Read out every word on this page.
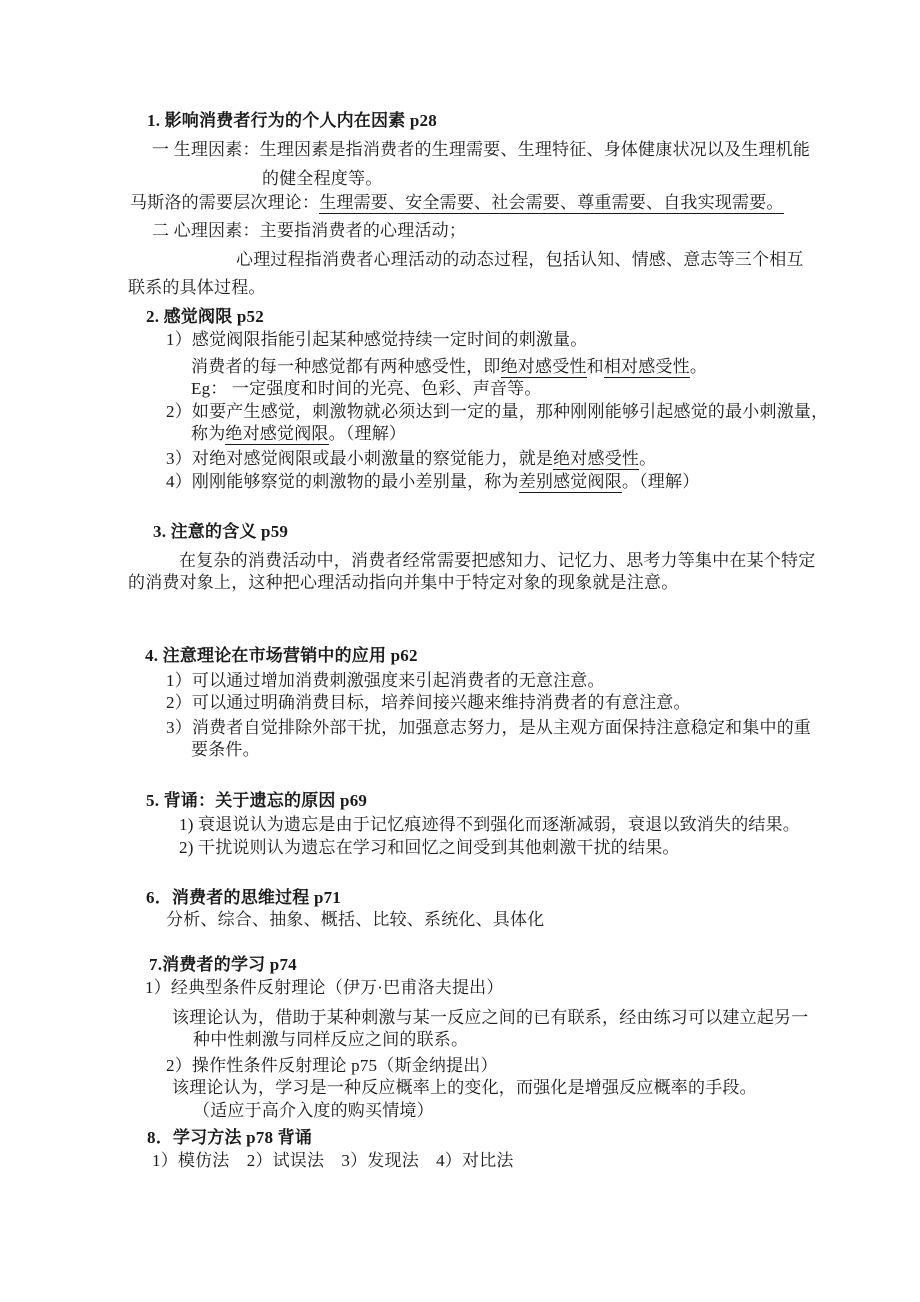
1. 影响消费者行为的个人内在因素 p28
一 生理因素：生理因素是指消费者的生理需要、生理特征、身体健康状况以及生理机能
的健全程度等。
马斯洛的需要层次理论：生理需要、安全需要、社会需要、尊重需要、自我实现需要。
二 心理因素：主要指消费者的心理活动；
心理过程指消费者心理活动的动态过程，包括认知、情感、意志等三个相互
联系的具体过程。
2. 感觉阀限 p52
1）感觉阀限指能引起某种感觉持续一定时间的刺激量。
消费者的每一种感觉都有两种感受性，即绝对感受性和相对感受性。
Eg： 一定强度和时间的光亮、色彩、声音等。
2）如要产生感觉，刺激物就必须达到一定的量，那种刚刚能够引起感觉的最小刺激量，
称为绝对感觉阀限。（理解）
3）对绝对感觉阀限或最小刺激量的察觉能力，就是绝对感受性。
4）刚刚能够察觉的刺激物的最小差别量，称为差别感觉阀限。（理解）
3. 注意的含义 p59
在复杂的消费活动中，消费者经常需要把感知力、记忆力、思考力等集中在某个特定
的消费对象上，这种把心理活动指向并集中于特定对象的现象就是注意。
4. 注意理论在市场营销中的应用 p62
1）可以通过增加消费刺激强度来引起消费者的无意注意。
2）可以通过明确消费目标，培养间接兴趣来维持消费者的有意注意。
3）消费者自觉排除外部干扰，加强意志努力，是从主观方面保持注意稳定和集中的重
要条件。
5. 背诵：关于遗忘的原因 p69
1) 衰退说认为遗忘是由于记忆痕迹得不到强化而逐渐减弱，衰退以致消失的结果。
2) 干扰说则认为遗忘在学习和回忆之间受到其他刺激干扰的结果。
6．消费者的思维过程 p71
分析、综合、抽象、概括、比较、系统化、具体化
7.消费者的学习 p74
1）经典型条件反射理论（伊万·巴甫洛夫提出）
该理论认为，借助于某种刺激与某一反应之间的已有联系，经由练习可以建立起另一
种中性刺激与同样反应之间的联系。
2）操作性条件反射理论 p75（斯金纳提出）
该理论认为，学习是一种反应概率上的变化，而强化是增强反应概率的手段。
（适应于高介入度的购买情境）
8．学习方法 p78 背诵
1）模仿法　2）试误法　3）发现法　4）对比法
